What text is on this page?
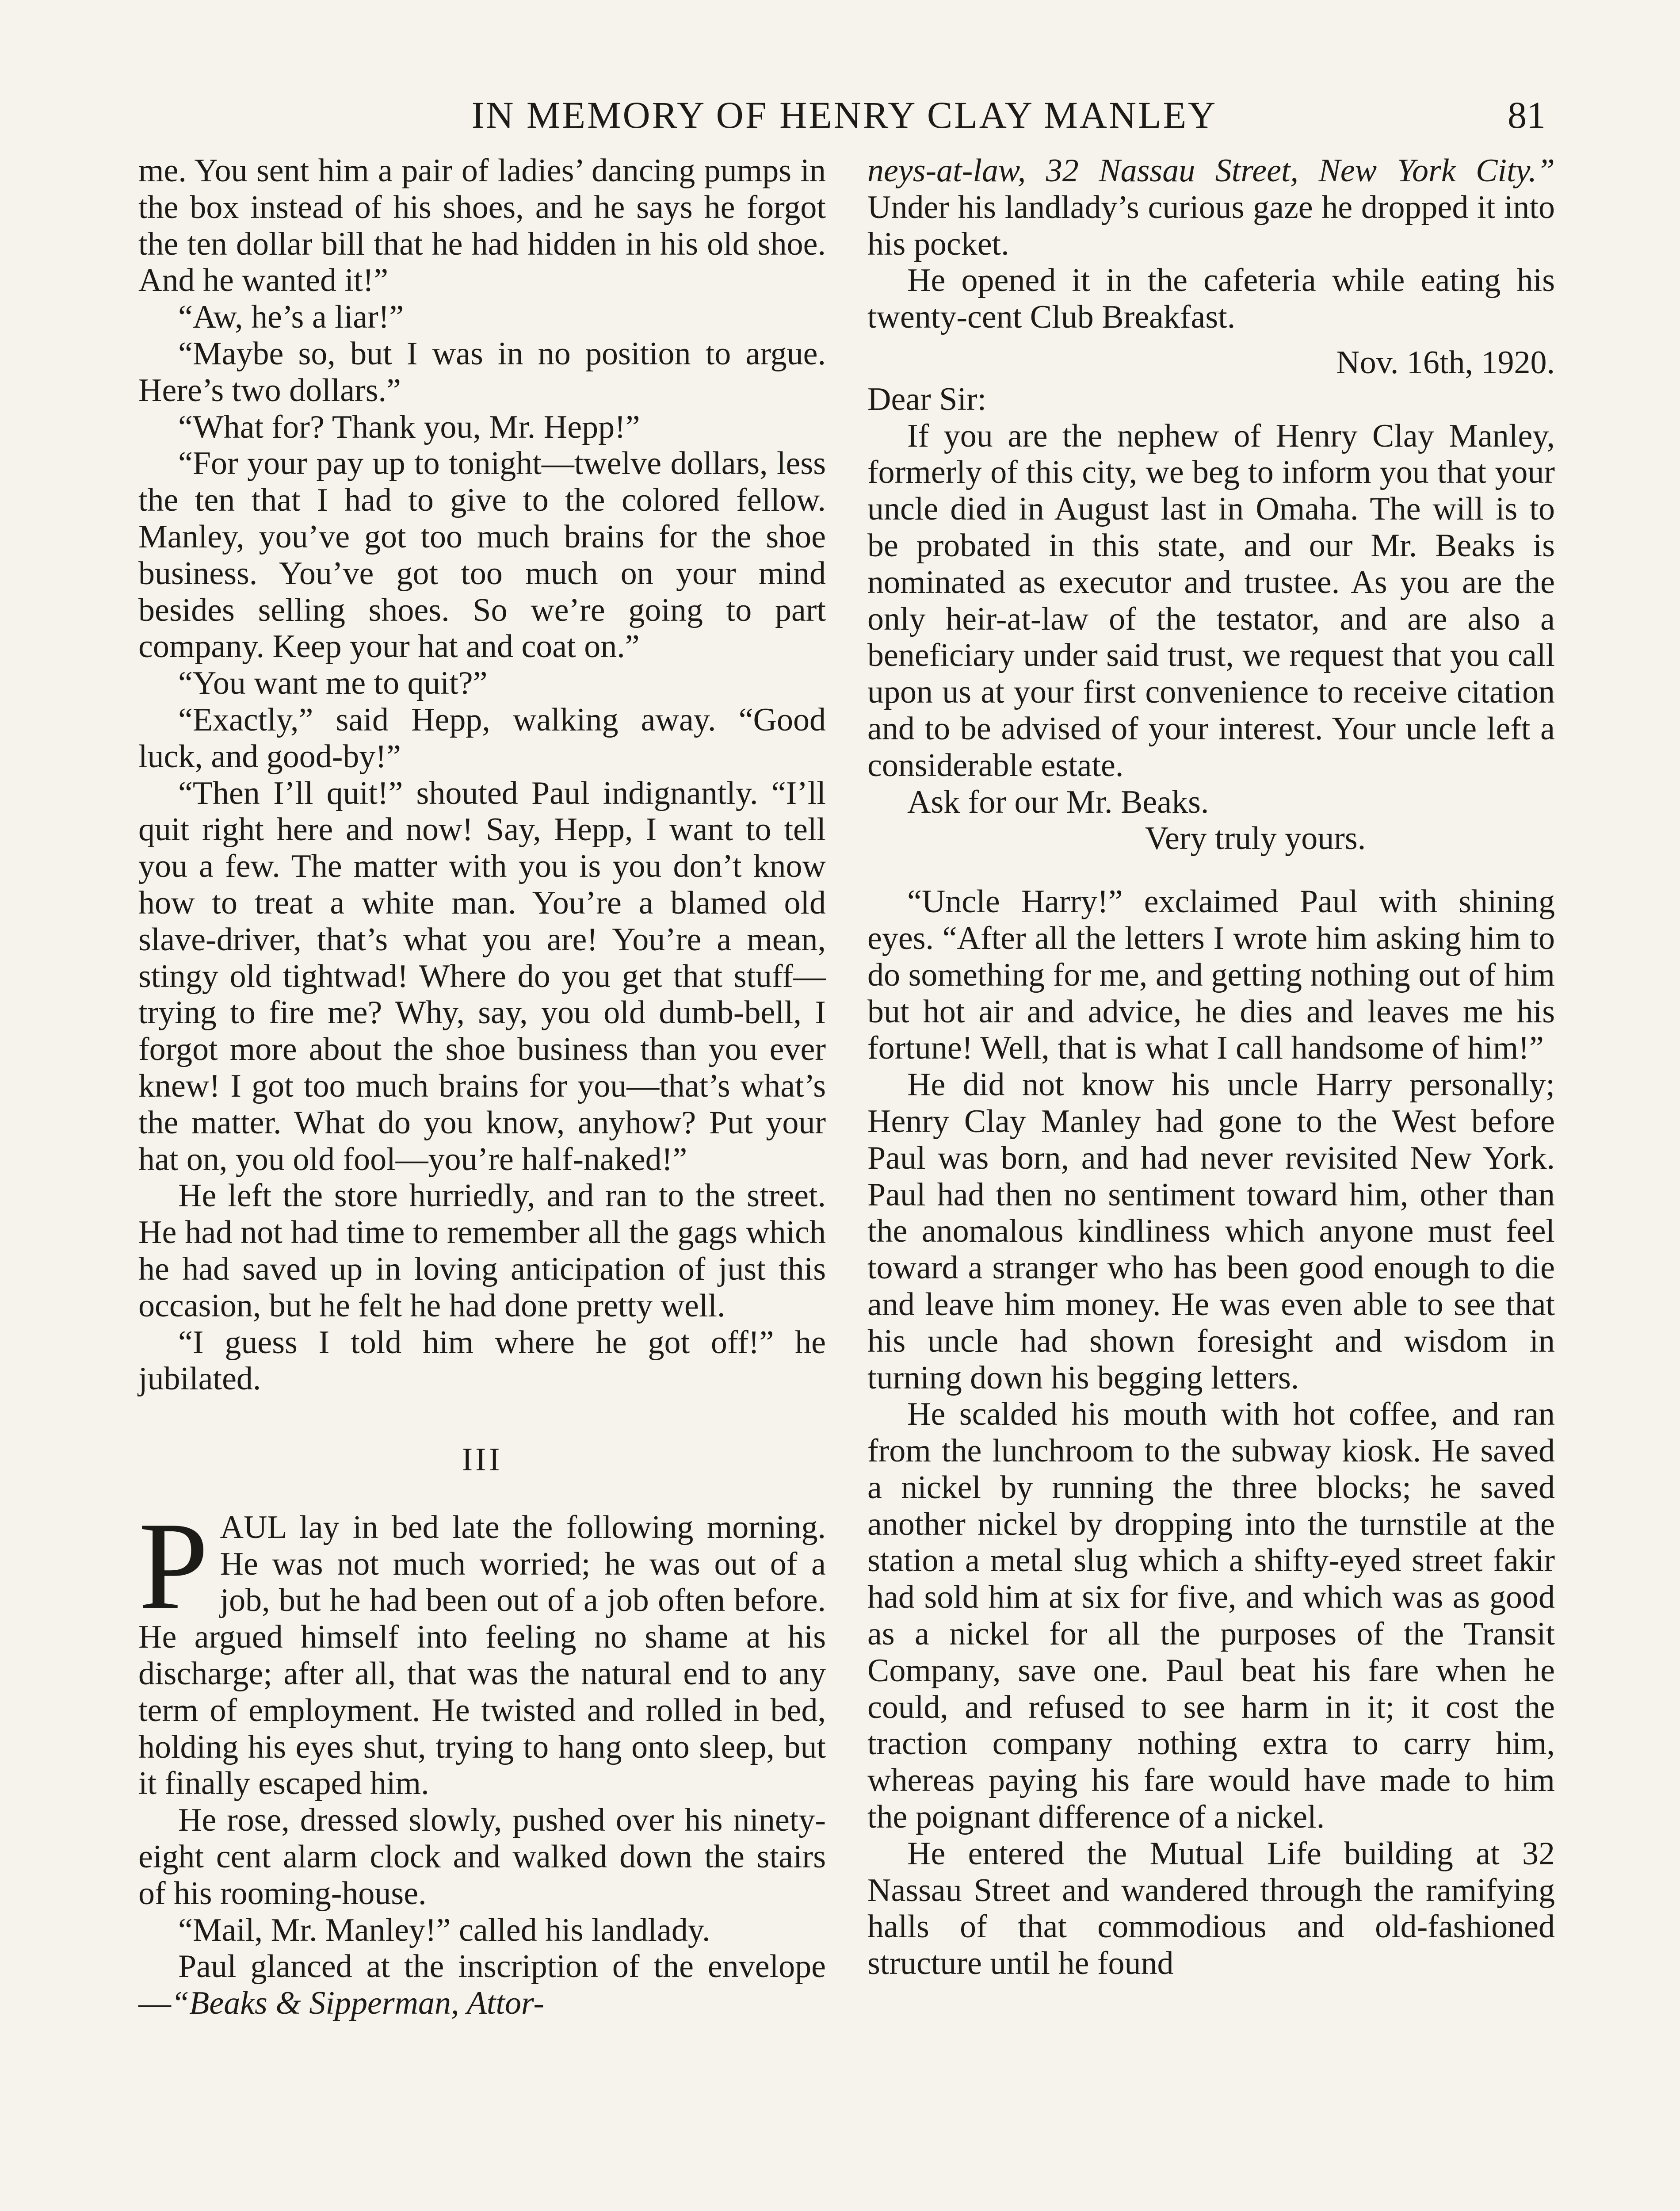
IN MEMORY OF HENRY CLAY MANLEY	81

me. You sent him a pair of ladies’ dancing pumps in the box instead of his shoes, and he says he forgot the ten dollar bill that he had hidden in his old shoe. And he wanted it!”

“Aw, he’s a liar!”

“Maybe so, but I was in no position to argue. Here’s two dollars.”

“What for? Thank you, Mr. Hepp!”

“For your pay up to tonight—twelve dollars, less the ten that I had to give to the colored fellow. Manley, you’ve got too much brains for the shoe business. You’ve got too much on your mind besides selling shoes. So we’re going to part company. Keep your hat and coat on.”

“You want me to quit?”

“Exactly,” said Hepp, walking away. “Good luck, and good-by!”

“Then I’ll quit!” shouted Paul indignantly. “I’ll quit right here and now! Say, Hepp, I want to tell you a few. The matter with you is you don’t know how to treat a white man. You’re a blamed old slave-driver, that’s what you are! You’re a mean, stingy old tightwad! Where do you get that stuff—trying to fire me? Why, say, you old dumb-bell, I forgot more about the shoe business than you ever knew! I got too much brains for you—that’s what’s the matter. What do you know, anyhow? Put your hat on, you old fool—you’re half-naked!”

He left the store hurriedly, and ran to the street. He had not had time to remember all the gags which he had saved up in loving anticipation of just this occasion, but he felt he had done pretty well.

“I guess I told him where he got off!” he jubilated.

III

PAUL lay in bed late the following morning. He was not much worried; he was out of a job, but he had been out of a job often before. He argued himself into feeling no shame at his discharge; after all, that was the natural end to any term of employment. He twisted and rolled in bed, holding his eyes shut, trying to hang onto sleep, but it finally escaped him.

He rose, dressed slowly, pushed over his ninety-eight cent alarm clock and walked down the stairs of his rooming-house.

“Mail, Mr. Manley!” called his landlady.

Paul glanced at the inscription of the envelope—“Beaks & Sipperman, Attor-

neys-at-law, 32 Nassau Street, New York City.” Under his landlady’s curious gaze he dropped it into his pocket.

He opened it in the cafeteria while eating his twenty-cent Club Breakfast.

Nov. 16th, 1920.

Dear Sir:

If you are the nephew of Henry Clay Manley, formerly of this city, we beg to inform you that your uncle died in August last in Omaha. The will is to be probated in this state, and our Mr. Beaks is nominated as executor and trustee. As you are the only heir-at-law of the testator, and are also a beneficiary under said trust, we request that you call upon us at your first convenience to receive citation and to be advised of your interest. Your uncle left a considerable estate.

Ask for our Mr. Beaks.

Very truly yours.

“Uncle Harry!” exclaimed Paul with shining eyes. “After all the letters I wrote him asking him to do something for me, and getting nothing out of him but hot air and advice, he dies and leaves me his fortune! Well, that is what I call handsome of him!”

He did not know his uncle Harry personally; Henry Clay Manley had gone to the West before Paul was born, and had never revisited New York. Paul had then no sentiment toward him, other than the anomalous kindliness which anyone must feel toward a stranger who has been good enough to die and leave him money. He was even able to see that his uncle had shown foresight and wisdom in turning down his begging letters.

He scalded his mouth with hot coffee, and ran from the lunchroom to the subway kiosk. He saved a nickel by running the three blocks; he saved another nickel by dropping into the turnstile at the station a metal slug which a shifty-eyed street fakir had sold him at six for five, and which was as good as a nickel for all the purposes of the Transit Company, save one. Paul beat his fare when he could, and refused to see harm in it; it cost the traction company nothing extra to carry him, whereas paying his fare would have made to him the poignant difference of a nickel.

He entered the Mutual Life building at 32 Nassau Street and wandered through the ramifying halls of that commodious and old-fashioned structure until he found
